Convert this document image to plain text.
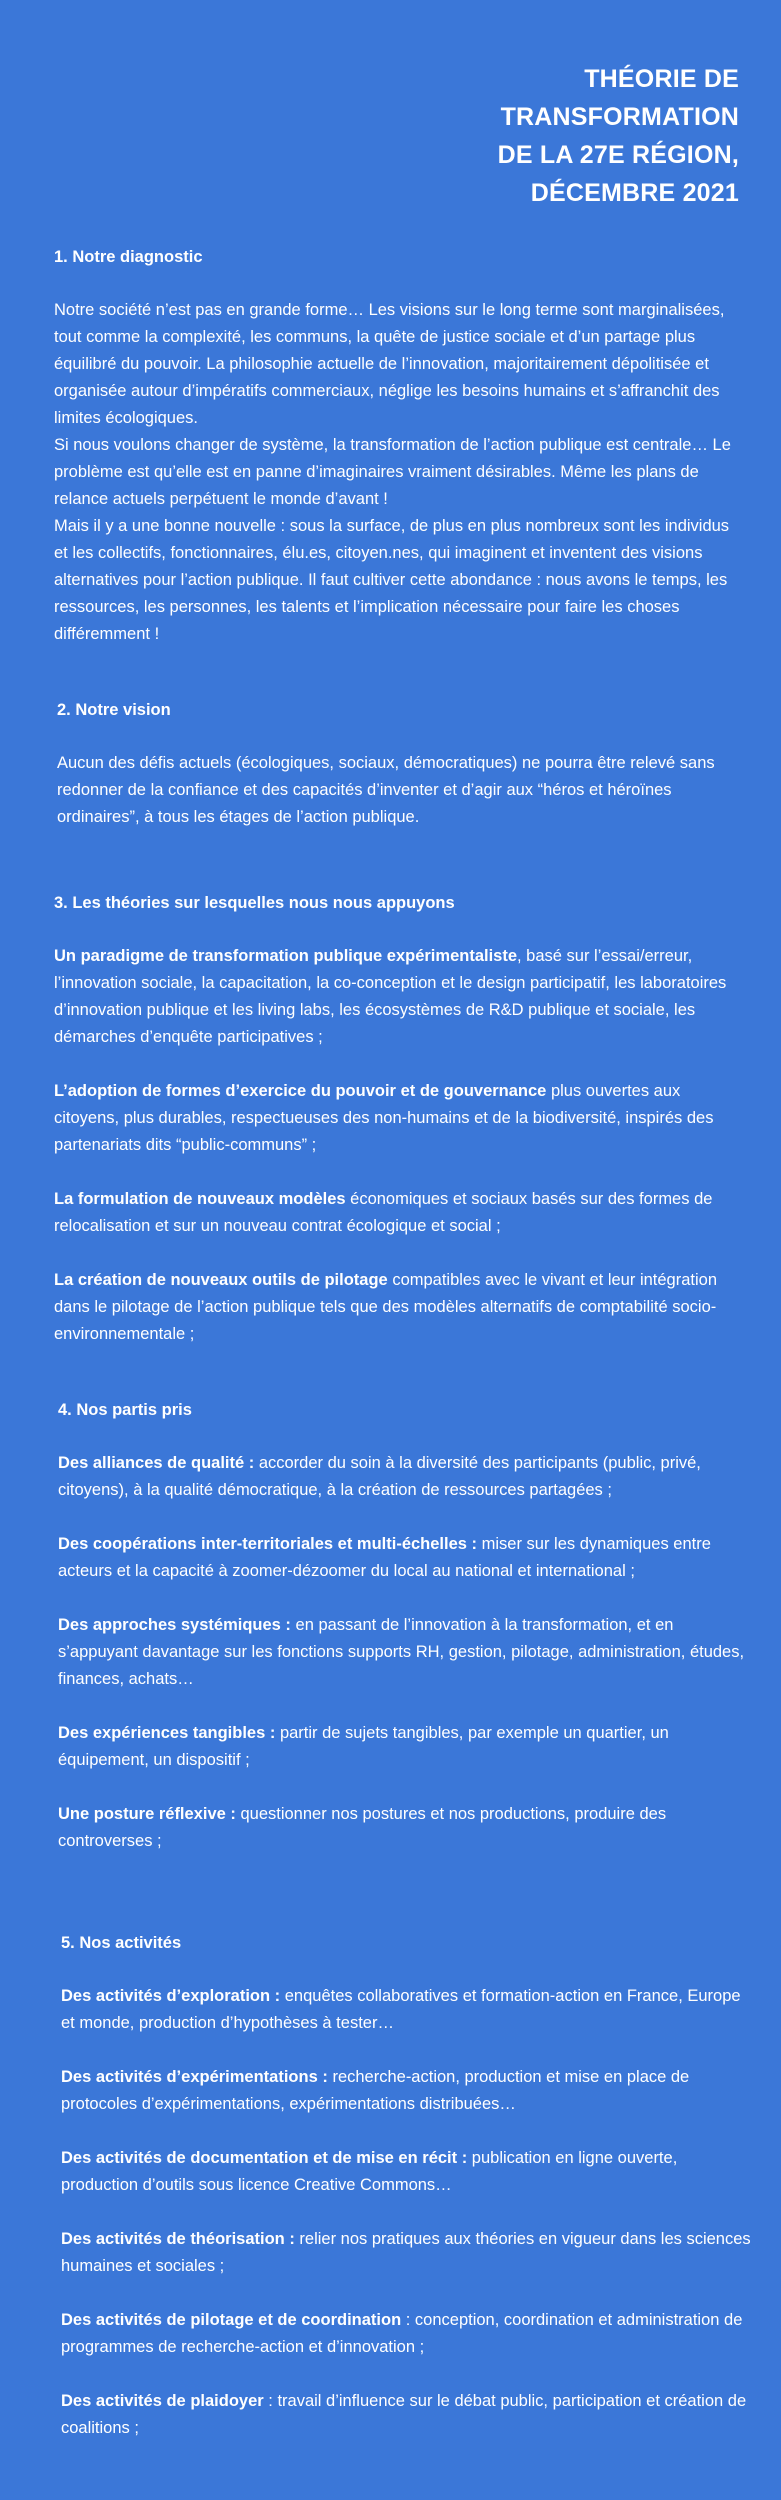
THÉORIE DE
TRANSFORMATION
DE LA 27E RÉGION,
DÉCEMBRE 2021
1. Notre diagnostic

Notre société n’est pas en grande forme… Les visions sur le long terme sont marginalisées, tout comme la complexité, les communs, la quête de justice sociale et d’un partage plus équilibré du pouvoir. La philosophie actuelle de l’innovation, majoritairement dépolitisée et organisée autour d’impératifs commerciaux, néglige les besoins humains et s’affranchit des limites écologiques.

Si nous voulons changer de système, la transformation de l’action publique est centrale… Le problème est qu’elle est en panne d’imaginaires vraiment désirables. Même les plans de relance actuels perpétuent le monde d’avant !

Mais il y a une bonne nouvelle : sous la surface, de plus en plus nombreux sont les individus et les collectifs, fonctionnaires, élu.es, citoyen.nes, qui imaginent et inventent des visions alternatives pour l’action publique. Il faut cultiver cette abondance : nous avons le temps, les ressources, les personnes, les talents et l’implication nécessaire pour faire les choses différemment !

2. Notre vision

Aucun des défis actuels (écologiques, sociaux, démocratiques) ne pourra être relevé sans redonner de la confiance et des capacités d’inventer et d’agir aux “héros et héroïnes ordinaires”, à tous les étages de l’action publique.

3. Les théories sur lesquelles nous nous appuyons

Un paradigme de transformation publique expérimentaliste, basé sur l’essai/erreur, l’innovation sociale, la capacitation, la co-conception et le design participatif, les laboratoires d’innovation publique et les living labs, les écosystèmes de R&D publique et sociale, les démarches d’enquête participatives ;

L’adoption de formes d’exercice du pouvoir et de gouvernance plus ouvertes aux citoyens, plus durables, respectueuses des non-humains et de la biodiversité, inspirés des partenariats dits “public-communs” ;

La formulation de nouveaux modèles économiques et sociaux basés sur des formes de relocalisation et sur un nouveau contrat écologique et social ;

La création de nouveaux outils de pilotage compatibles avec le vivant et leur intégration dans le pilotage de l’action publique tels que des modèles alternatifs de comptabilité socio-environnementale ;

4. Nos partis pris

Des alliances de qualité : accorder du soin à la diversité des participants (public, privé, citoyens), à la qualité démocratique, à la création de ressources partagées ;

Des coopérations inter-territoriales et multi-échelles : miser sur les dynamiques entre acteurs et la capacité à zoomer-dézoomer du local au national et international ;

Des approches systémiques : en passant de l’innovation à la transformation, et en s’appuyant davantage sur les fonctions supports RH, gestion, pilotage, administration, études, finances, achats…

Des expériences tangibles : partir de sujets tangibles, par exemple un quartier, un équipement, un dispositif ;

Une posture réflexive : questionner nos postures et nos productions, produire des controverses ;

5. Nos activités

Des activités d’exploration : enquêtes collaboratives et formation-action en France, Europe et monde, production d’hypothèses à tester…

Des activités d’expérimentations : recherche-action, production et mise en place de protocoles d’expérimentations, expérimentations distribuées…

Des activités de documentation et de mise en récit : publication en ligne ouverte, production d’outils sous licence Creative Commons…

Des activités de théorisation : relier nos pratiques aux théories en vigueur dans les sciences humaines et sociales ;

Des activités de pilotage et de coordination : conception, coordination et administration de programmes de recherche-action et d’innovation ;

Des activités de plaidoyer : travail d’influence sur le débat public, participation et création de coalitions ;
